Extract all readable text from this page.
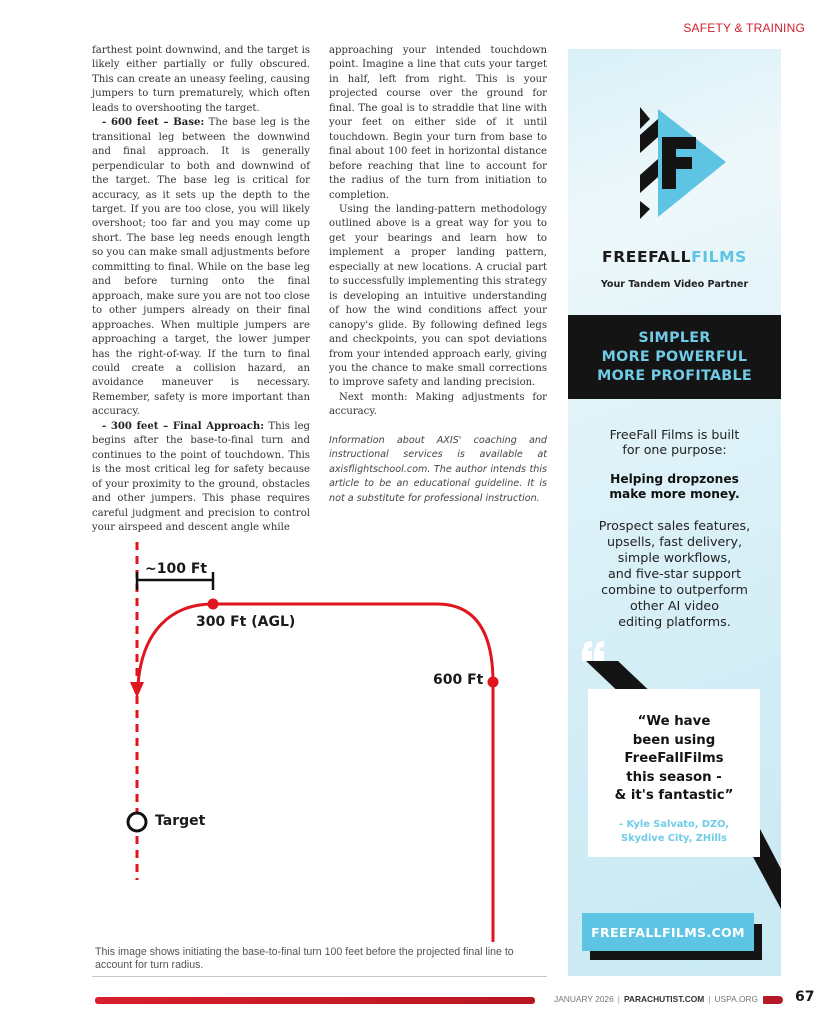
SAFETY & TRAINING

farthest point downwind, and the target is likely either partially or fully obscured. This can create an uneasy feeling, causing jumpers to turn prematurely, which often leads to overshooting the target.

- 600 feet – Base: The base leg is the transitional leg between the downwind and final approach. It is generally perpendicular to both and downwind of the target. The base leg is critical for accuracy, as it sets up the depth to the target. If you are too close, you will likely overshoot; too far and you may come up short. The base leg needs enough length so you can make small adjustments before committing to final. While on the base leg and before turning onto the final approach, make sure you are not too close to other jumpers already on their final approaches. When multiple jumpers are approaching a target, the lower jumper has the right-of-way. If the turn to final could create a collision hazard, an avoidance maneuver is necessary. Remember, safety is more important than accuracy.

- 300 feet – Final Approach: This leg begins after the base-to-final turn and continues to the point of touchdown. This is the most critical leg for safety because of your proximity to the ground, obstacles and other jumpers. This phase requires careful judgment and precision to control your airspeed and descent angle while

approaching your intended touchdown point. Imagine a line that cuts your target in half, left from right. This is your projected course over the ground for final. The goal is to straddle that line with your feet on either side of it until touchdown. Begin your turn from base to final about 100 feet in horizontal distance before reaching that line to account for the radius of the turn from initiation to completion.

Using the landing-pattern methodology outlined above is a great way for you to get your bearings and learn how to implement a proper landing pattern, especially at new locations. A crucial part to successfully implementing this strategy is developing an intuitive understanding of how the wind conditions affect your canopy's glide. By following defined legs and checkpoints, you can spot deviations from your intended approach early, giving you the chance to make small corrections to improve safety and landing precision.

Next month: Making adjustments for accuracy.

Information about AXIS' coaching and instructional services is available at axisflightschool.com. The author intends this article to be an educational guideline. It is not a substitute for professional instruction.

~100 Ft
300 Ft (AGL)
600 Ft
Target
This image shows initiating the base-to-final turn 100 feet before the projected final line to account for turn radius.
FREEFALLFILMS
Your Tandem Video Partner
SIMPLER
MORE POWERFUL
MORE PROFITABLE
FreeFall Films is built
for one purpose:
Helping dropzones
make more money.
Prospect sales features,
upsells, fast delivery,
simple workflows,
and five-star support
combine to outperform
other AI video
editing platforms.
“We have
been using
FreeFallFilms
this season -
& it's fantastic”
- Kyle Salvato, DZO,
Skydive City, ZHills
FREEFALLFILMS.COM
JANUARY 2026 | PARACHUTIST.COM | USPA.ORG	67
